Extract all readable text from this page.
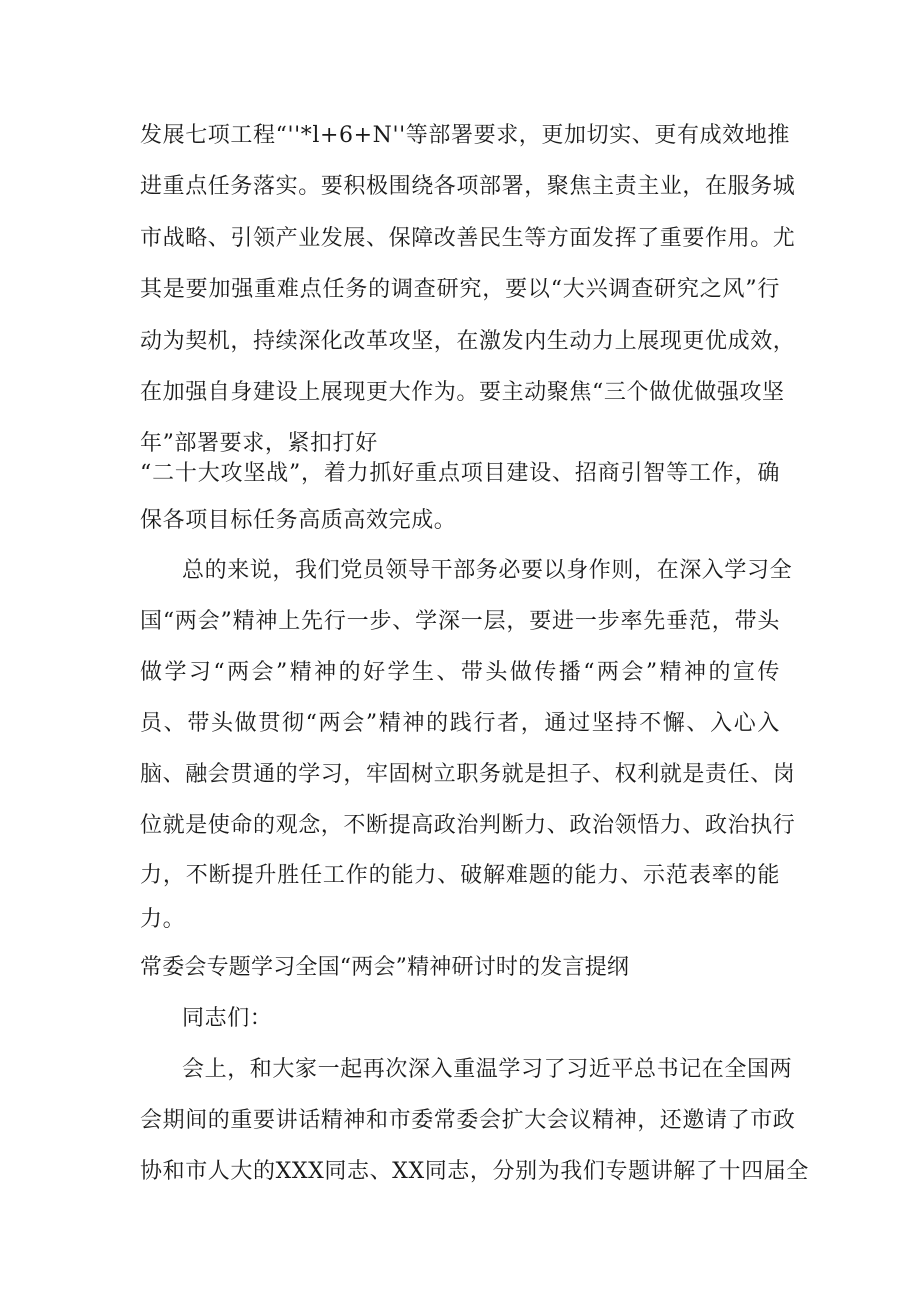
发展七项工程“''*l+6+N''等部署要求，更加切实、更有成效地推
进重点任务落实。要积极围绕各项部署，聚焦主责主业，在服务城
市战略、引领产业发展、保障改善民生等方面发挥了重要作用。尤
其是要加强重难点任务的调查研究，要以“大兴调查研究之风”行
动为契机，持续深化改革攻坚，在激发内生动力上展现更优成效，
在加强自身建设上展现更大作为。要主动聚焦“三个做优做强攻坚
年”部署要求，紧扣打好
“二十大攻坚战”，着力抓好重点项目建设、招商引智等工作，确
保各项目标任务高质高效完成。
总的来说，我们党员领导干部务必要以身作则，在深入学习全
国“两会”精神上先行一步、学深一层，要进一步率先垂范，带头
做学习“两会”精神的好学生、带头做传播“两会”精神的宣传
员、带头做贯彻“两会”精神的践行者，通过坚持不懈、入心入
脑、融会贯通的学习，牢固树立职务就是担子、权利就是责任、岗
位就是使命的观念，不断提高政治判断力、政治领悟力、政治执行
力，不断提升胜任工作的能力、破解难题的能力、示范表率的能
力。
常委会专题学习全国“两会”精神研讨时的发言提纲
同志们：
会上，和大家一起再次深入重温学习了习近平总书记在全国两
会期间的重要讲话精神和市委常委会扩大会议精神，还邀请了市政
协和市人大的XXX同志、XX同志，分别为我们专题讲解了十四届全
